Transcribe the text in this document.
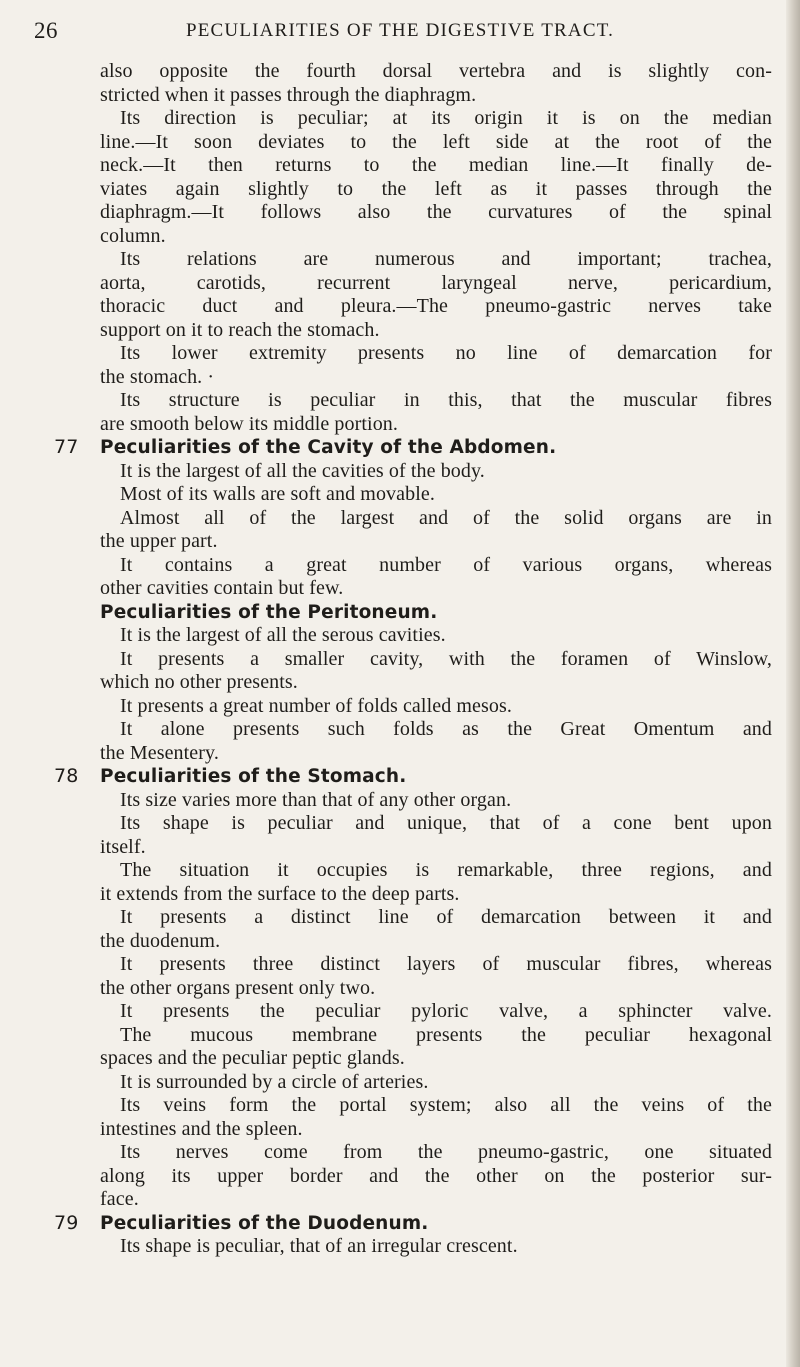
26	PECULIARITIES OF THE DIGESTIVE TRACT.
also opposite the fourth dorsal vertebra and is slightly con-
stricted when it passes through the diaphragm.
Its direction is peculiar; at its origin it is on the median
line.—It soon deviates to the left side at the root of the
neck.—It then returns to the median line.—It finally de-
viates again slightly to the left as it passes through the
diaphragm.—It follows also the curvatures of the spinal
column.
Its relations are numerous and important; trachea,
aorta, carotids, recurrent laryngeal nerve, pericardium,
thoracic duct and pleura.—The pneumo-gastric nerves take
support on it to reach the stomach.
Its lower extremity presents no line of demarcation for
the stomach. ·
Its structure is peculiar in this, that the muscular fibres
are smooth below its middle portion.
77 Peculiarities of the Cavity of the Abdomen.
It is the largest of all the cavities of the body.
Most of its walls are soft and movable.
Almost all of the largest and of the solid organs are in
the upper part.
It contains a great number of various organs, whereas
other cavities contain but few.
Peculiarities of the Peritoneum.
It is the largest of all the serous cavities.
It presents a smaller cavity, with the foramen of Winslow,
which no other presents.
It presents a great number of folds called mesos.
It alone presents such folds as the Great Omentum and
the Mesentery.
78 Peculiarities of the Stomach.
Its size varies more than that of any other organ.
Its shape is peculiar and unique, that of a cone bent upon
itself.
The situation it occupies is remarkable, three regions, and
it extends from the surface to the deep parts.
It presents a distinct line of demarcation between it and
the duodenum.
It presents three distinct layers of muscular fibres, whereas
the other organs present only two.
It presents the peculiar pyloric valve, a sphincter valve.
The mucous membrane presents the peculiar hexagonal
spaces and the peculiar peptic glands.
It is surrounded by a circle of arteries.
Its veins form the portal system; also all the veins of the
intestines and the spleen.
Its nerves come from the pneumo-gastric, one situated
along its upper border and the other on the posterior sur-
face.
79 Peculiarities of the Duodenum.
Its shape is peculiar, that of an irregular crescent.
